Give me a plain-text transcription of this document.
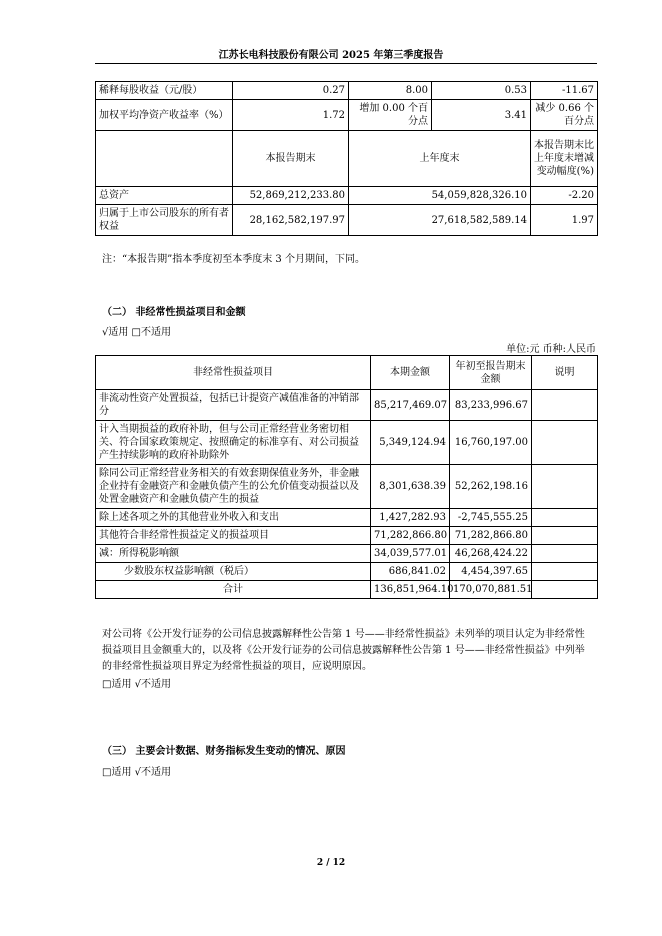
江苏长电科技股份有限公司 2025 年第三季度报告
稀释每股收益（元/股）	0.27	8.00	0.53	-11.67
加权平均净资产收益率（%）	1.72	增加 0.00 个百分点	3.41	减少 0.66 个百分点
	本报告期末	上年度末		本报告期末比上年度末增减变动幅度(%)
总资产	52,869,212,233.80	54,059,828,326.10		-2.20
归属于上市公司股东的所有者权益	28,162,582,197.97	27,618,582,589.14		1.97
注：“本报告期”指本季度初至本季度末 3 个月期间，下同。
（二） 非经常性损益项目和金额
√适用 □不适用
单位:元 币种:人民币
非经常性损益项目	本期金额	年初至报告期末金额	说明
非流动性资产处置损益，包括已计提资产减值准备的冲销部分	85,217,469.07	83,233,996.67	
计入当期损益的政府补助，但与公司正常经营业务密切相关、符合国家政策规定、按照确定的标准享有、对公司损益产生持续影响的政府补助除外	5,349,124.94	16,760,197.00	
除同公司正常经营业务相关的有效套期保值业务外，非金融企业持有金融资产和金融负债产生的公允价值变动损益以及处置金融资产和金融负债产生的损益	8,301,638.39	52,262,198.16	
除上述各项之外的其他营业外收入和支出	1,427,282.93	-2,745,555.25	
其他符合非经常性损益定义的损益项目	71,282,866.80	71,282,866.80	
减：所得税影响额	34,039,577.01	46,268,424.22	
少数股东权益影响额（税后）	686,841.02	4,454,397.65	
合计	136,851,964.10	170,070,881.51	
对公司将《公开发行证券的公司信息披露解释性公告第 1 号——非经常性损益》未列举的项目认定为非经常性损益项目且金额重大的，以及将《公开发行证券的公司信息披露解释性公告第 1 号——非经常性损益》中列举的非经常性损益项目界定为经常性损益的项目，应说明原因。
□适用 √不适用
（三） 主要会计数据、财务指标发生变动的情况、原因
□适用 √不适用
2 / 12
